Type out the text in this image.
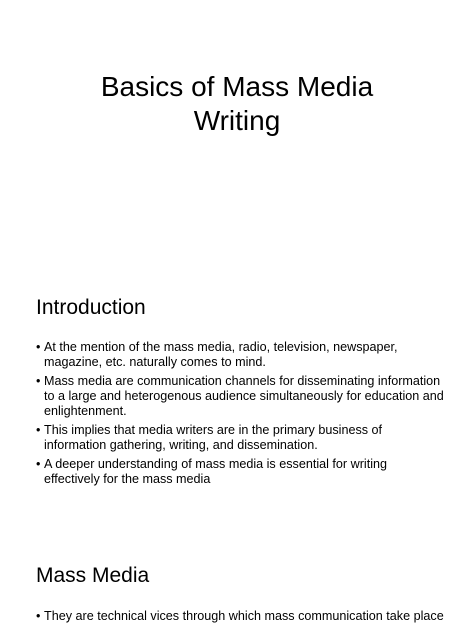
Basics of Mass Media
Writing
Introduction
• At the mention of the mass media, radio, television, newspaper, magazine, etc. naturally comes to mind.
• Mass media are communication channels for disseminating information to a large and heterogenous audience simultaneously for education and enlightenment.
• This implies that media writers are in the primary business of information gathering, writing, and dissemination.
• A deeper understanding of mass media is essential for writing effectively for the mass media
Mass Media
• They are technical vices through which mass communication take place
